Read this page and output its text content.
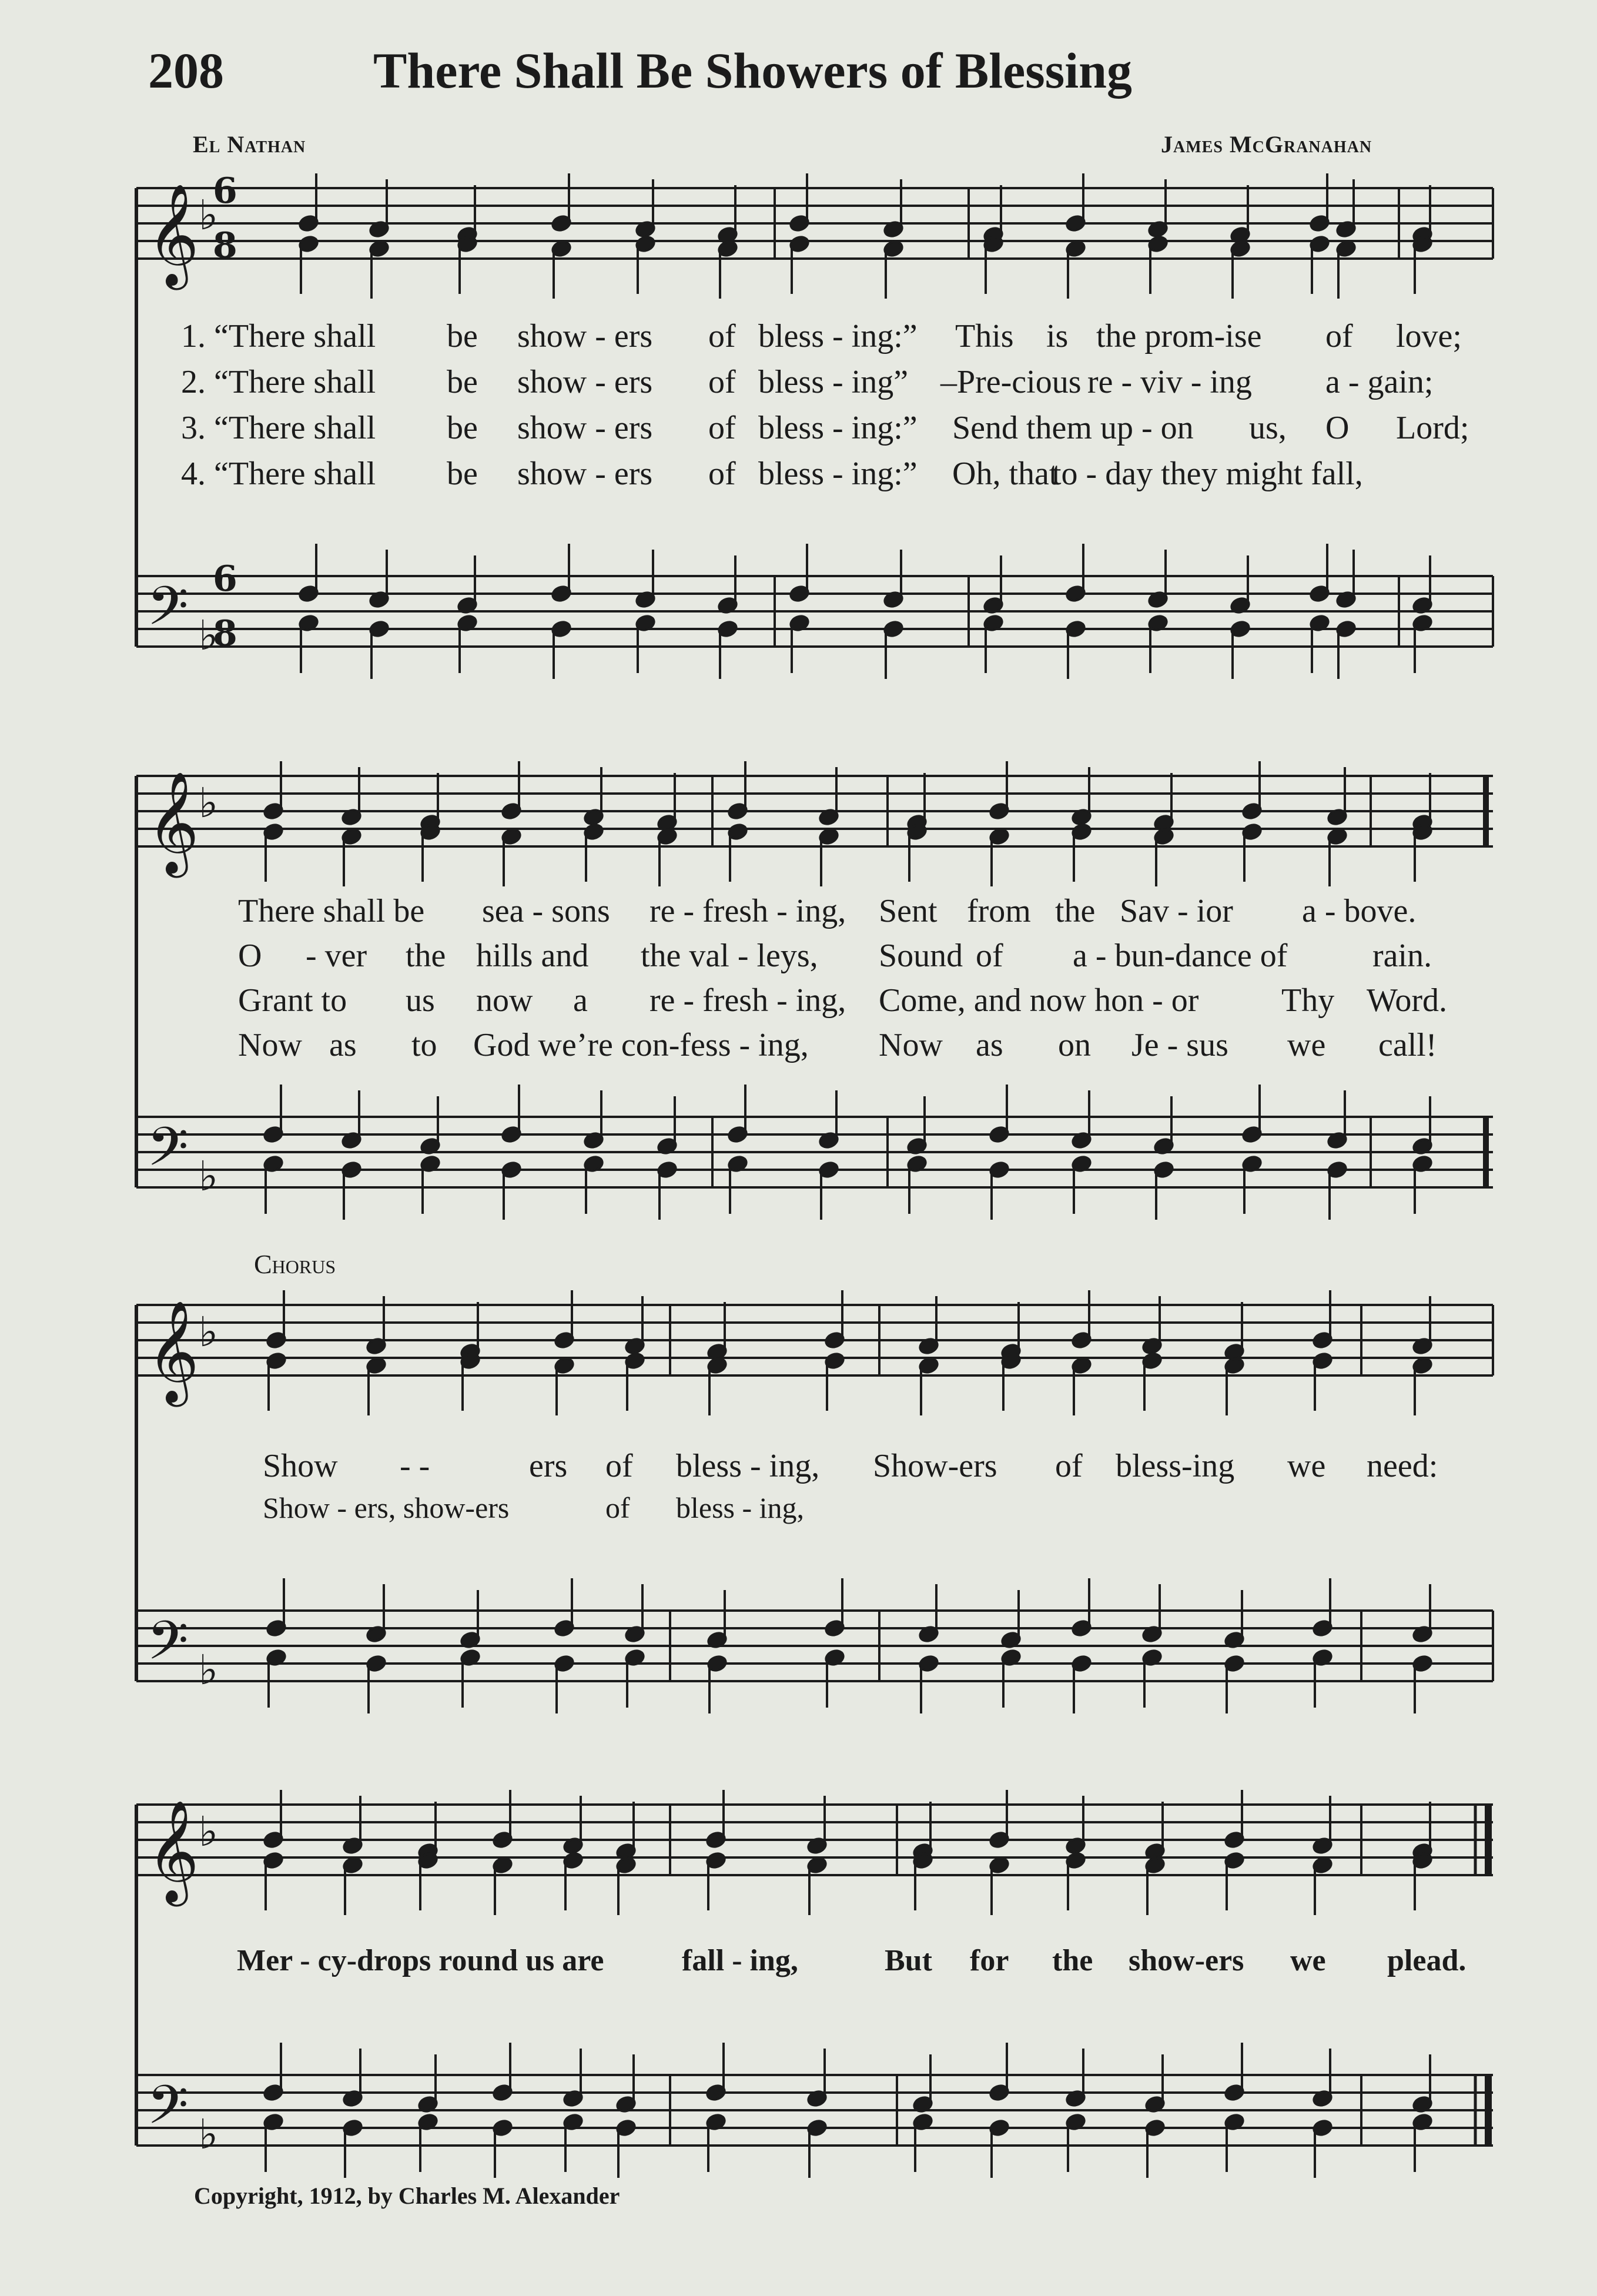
208	There Shall Be Showers of Blessing
El Nathan	James McGranahan
𝄞 ♭
6
8
𝄢 ♭
6
8
𝄞 ♭
𝄢 ♭
𝄞 ♭
𝄢 ♭
𝄞 ♭
𝄢 ♭
1. “There shall be show - ers of bless - ing:” This is the prom-ise of love;
2. “There shall be show - ers of bless - ing” –Pre-cious re - viv - ing a - gain;
3. “There shall be show - ers of bless - ing:” Send them up - on us, O Lord;
4. “There shall be show - ers of bless - ing:” Oh, that
to - day they might fall,
There shall be sea - sons re - fresh - ing, Sent from the Sav - ior a - bove.
O - ver the hills and the val - leys, Sound of a - bun-dance of	rain.
Grant to us now a re - fresh - ing, Come, and now hon - or	Thy Word.
Now as to God we’re con-fess - ing, Now as on Je - sus we call!
Chorus
Show - -	ers of bless - ing, Show-ers of bless-ing we need:
Show - ers, show-ers	of bless - ing,
Mer - cy-drops round us are	fall - ing,	But for the show-ers we plead.
Copyright, 1912, by Charles M. Alexander
